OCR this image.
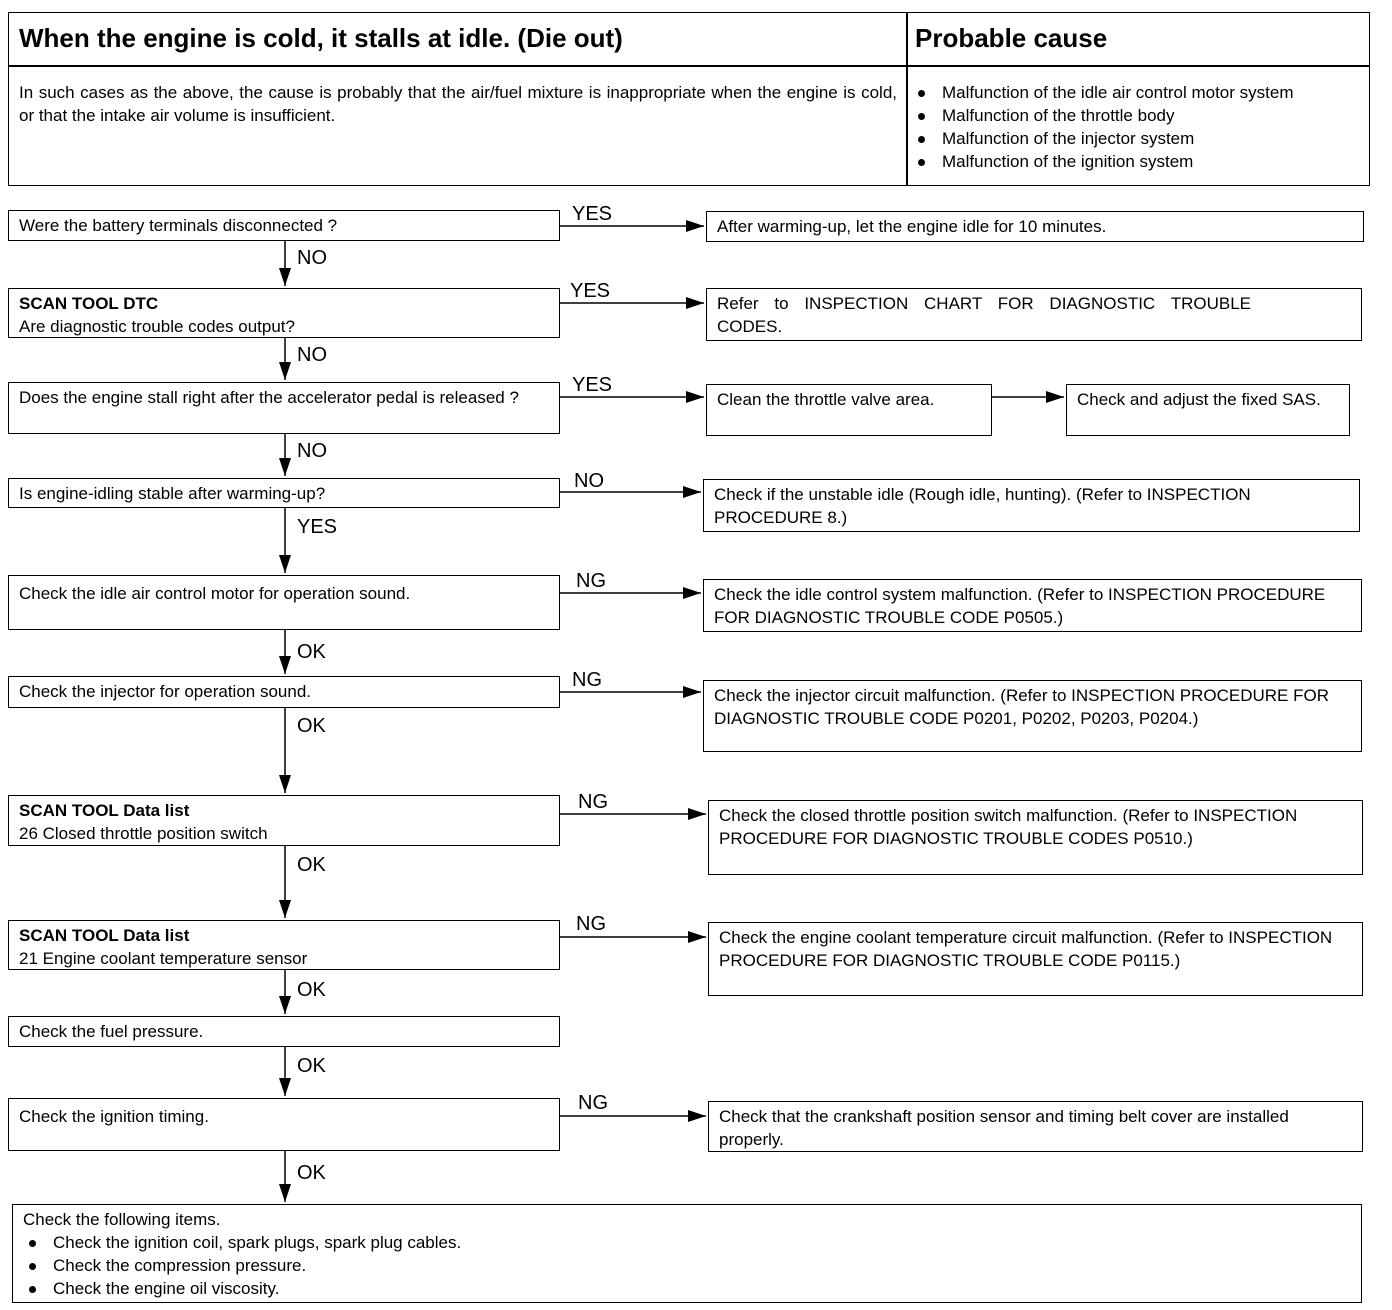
When the engine is cold, it stalls at idle. (Die out)	Probable cause
In such cases as the above, the cause is probably that the air/fuel mixture is inappropriate when the engine is cold, or that the intake air volume is insufficient.
Malfunction of the idle air control motor system
Malfunction of the throttle body
Malfunction of the injector system
Malfunction of the ignition system
Were the battery terminals disconnected ?
SCAN TOOL DTC
Are diagnostic trouble codes output?
Does the engine stall right after the accelerator pedal is released ?
Is engine-idling stable after warming-up?
Check the idle air control motor for operation sound.
Check the injector for operation sound.
SCAN TOOL Data list
26 Closed throttle position switch
SCAN TOOL Data list
21 Engine coolant temperature sensor
Check the fuel pressure.
Check the ignition timing.
After warming-up, let the engine idle for 10 minutes.
Refer to INSPECTION CHART FOR DIAGNOSTIC TROUBLE CODES.
Clean the throttle valve area.	Check and adjust the fixed SAS.
Check if the unstable idle (Rough idle, hunting). (Refer to INSPECTION PROCEDURE 8.)
Check the idle control system malfunction. (Refer to INSPECTION PROCEDURE FOR DIAGNOSTIC TROUBLE CODE P0505.)
Check the injector circuit malfunction. (Refer to INSPECTION PROCEDURE FOR DIAGNOSTIC TROUBLE CODE P0201, P0202, P0203, P0204.)
Check the closed throttle position switch malfunction. (Refer to INSPECTION PROCEDURE FOR DIAGNOSTIC TROUBLE CODES P0510.)
Check the engine coolant temperature circuit malfunction. (Refer to INSPECTION PROCEDURE FOR DIAGNOSTIC TROUBLE CODE P0115.)
Check that the crankshaft position sensor and timing belt cover are installed properly.
YES
YES
YES
NO
NG
NG
NG
NG
NG
NO
NO
NO
YES
OK
OK
OK
OK
OK
OK
Check the following items.
Check the ignition coil, spark plugs, spark plug cables.
Check the compression pressure.
Check the engine oil viscosity.
